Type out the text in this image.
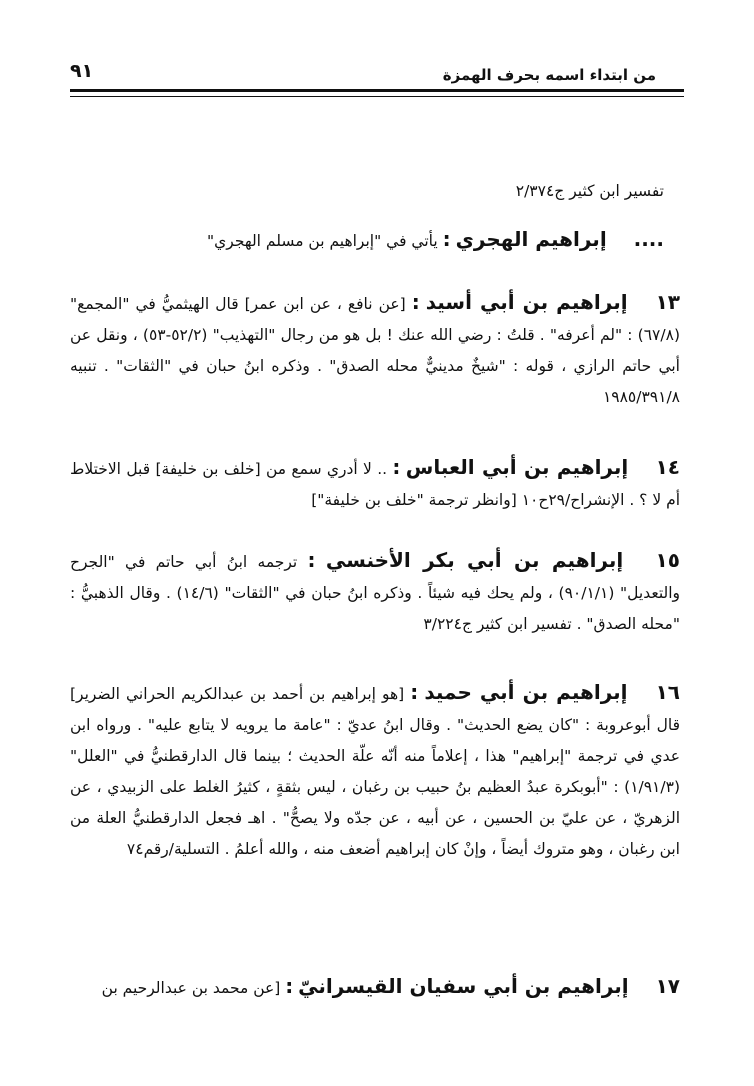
من ابتداء اسمه بحرف الهمزة
٩١
تفسير ابن كثير ج٢/٣٧٤
.... إبراهيم الهجري : يأتي في "إبراهيم بن مسلم الهجري"
١٣ إبراهيم بن أبي أسيد : [عن نافع ، عن ابن عمر] قال الهيثميُّ في "المجمع" (٦٧/٨) : "لم أعرفه" . قلتُ : رضي الله عنك ! بل هو من رجال "التهذيب" (٥٢/٢-٥٣) ، ونقل عن أبي حاتم الرازي ، قوله : "شيخٌ مدينيٌّ محله الصدق" . وذكره ابنُ حبان في "الثقات" . تنبيه ١٩٨٥/٣٩١/٨
١٤ إبراهيم بن أبي العباس : .. لا أدري سمع من [خلف بن خليفة] قبل الاختلاط أم لا ؟ . الإنشراح/٢٩ح١٠ [وانظر ترجمة "خلف بن خليفة"]
١٥ إبراهيم بن أبي بكر الأخنسي : ترجمه ابنُ أبي حاتم في "الجرح والتعديل" (٩٠/١/١) ، ولم يحك فيه شيئاً . وذكره ابنُ حبان في "الثقات" (١٤/٦) . وقال الذهبيُّ : "محله الصدق" . تفسير ابن كثير ج٣/٢٢٤
١٦ إبراهيم بن أبي حميد : [هو إبراهيم بن أحمد بن عبدالكريم الحراني الضرير] قال أبوعروبة : "كان يضع الحديث" . وقال ابنُ عديّ : "عامة ما يرويه لا يتابع عليه" . ورواه ابن عدي في ترجمة "إبراهيم" هذا ، إعلاماً منه أنّه علّة الحديث ؛ بينما قال الدارقطنيُّ في "العلل" (١/٩١/٣) : "أبوبكرة عبدُ العظيم بنُ حبيب بن رغبان ، ليس بثقةٍ ، كثيرُ الغلط على الزبيدي ، عن الزهريّ ، عن عليّ بن الحسين ، عن أبيه ، عن جدّه ولا يصحُّ" . اهـ فجعل الدارقطنيُّ العلة من ابن رغبان ، وهو متروك أيضاً ، وإنْ كان إبراهيم أضعف منه ، والله أعلمُ . التسلية/رقم٧٤
١٧ إبراهيم بن أبي سفيان القيسرانيّ : [عن محمد بن عبدالرحيم بن
